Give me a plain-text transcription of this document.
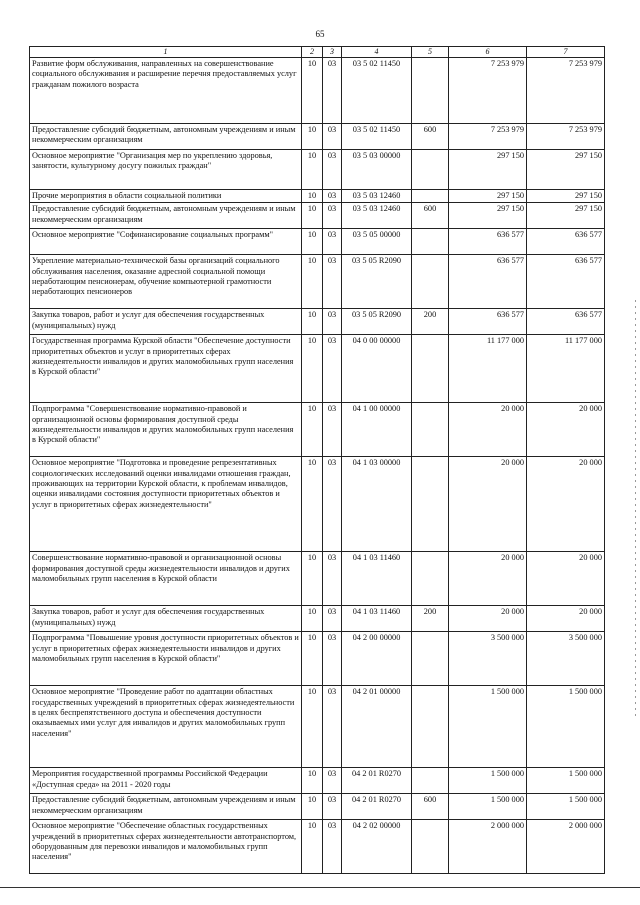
65
1	2	3	4	5	6	7
Развитие форм обслуживания, направленных на совершенствование социального обслуживания и расширение перечня предоставляемых услуг гражданам пожилого возраста	10	03	03 5 02 11450		7 253 979	7 253 979
Предоставление субсидий бюджетным, автономным учреждениям и иным некоммерческим организациям	10	03	03 5 02 11450	600	7 253 979	7 253 979
Основное мероприятие "Организация мер по укреплению здоровья, занятости, культурному досугу пожилых граждан"	10	03	03 5 03 00000		297 150	297 150
Прочие мероприятия в области социальной политики	10	03	03 5 03 12460		297 150	297 150
Предоставление субсидий бюджетным, автономным учреждениям и иным некоммерческим организациям	10	03	03 5 03 12460	600	297 150	297 150
Основное мероприятие "Софинансирование социальных программ"	10	03	03 5 05 00000		636 577	636 577
Укрепление материально-технической базы организаций социального обслуживания населения, оказание адресной социальной помощи неработающим пенсионерам, обучение компьютерной грамотности неработающих пенсионеров	10	03	03 5 05 R2090		636 577	636 577
Закупка товаров, работ и услуг для обеспечения государственных (муниципальных) нужд	10	03	03 5 05 R2090	200	636 577	636 577
Государственная программа Курской области "Обеспечение доступности приоритетных объектов и услуг в приоритетных сферах жизнедеятельности инвалидов и других маломобильных групп населения в Курской области"	10	03	04 0 00 00000		11 177 000	11 177 000
Подпрограмма "Совершенствование нормативно-правовой и организационной основы формирования доступной среды жизнедеятельности инвалидов и других маломобильных групп населения в Курской области"	10	03	04 1 00 00000		20 000	20 000
Основное мероприятие "Подготовка и проведение репрезентативных социологических исследований оценки инвалидами отношения граждан, проживающих на территории Курской области, к проблемам инвалидов, оценки инвалидами состояния доступности приоритетных объектов и услуг в приоритетных сферах жизнедеятельности"	10	03	04 1 03 00000		20 000	20 000
Совершенствование нормативно-правовой и организационной основы формирования доступной среды жизнедеятельности инвалидов и других маломобильных групп населения в Курской области	10	03	04 1 03 11460		20 000	20 000
Закупка товаров, работ и услуг для обеспечения государственных (муниципальных) нужд	10	03	04 1 03 11460	200	20 000	20 000
Подпрограмма "Повышение уровня доступности приоритетных объектов и услуг в приоритетных сферах жизнедеятельности инвалидов и других маломобильных групп населения в Курской области"	10	03	04 2 00 00000		3 500 000	3 500 000
Основное мероприятие "Проведение работ по адаптации областных государственных учреждений в приоритетных сферах жизнедеятельности в целях беспрепятственного доступа и обеспечения доступности оказываемых ими услуг для инвалидов и других маломобильных групп населения"	10	03	04 2 01 00000		1 500 000	1 500 000
Мероприятия государственной программы Российской Федерации «Доступная среда» на 2011 - 2020 годы	10	03	04 2 01 R0270		1 500 000	1 500 000
Предоставление субсидий бюджетным, автономным учреждениям и иным некоммерческим организациям	10	03	04 2 01 R0270	600	1 500 000	1 500 000
Основное мероприятие "Обеспечение областных государственных учреждений в приоритетных сферах жизнедеятельности автотранспортом, оборудованным для перевозки инвалидов и маломобильных групп населения"	10	03	04 2 02 00000		2 000 000	2 000 000
